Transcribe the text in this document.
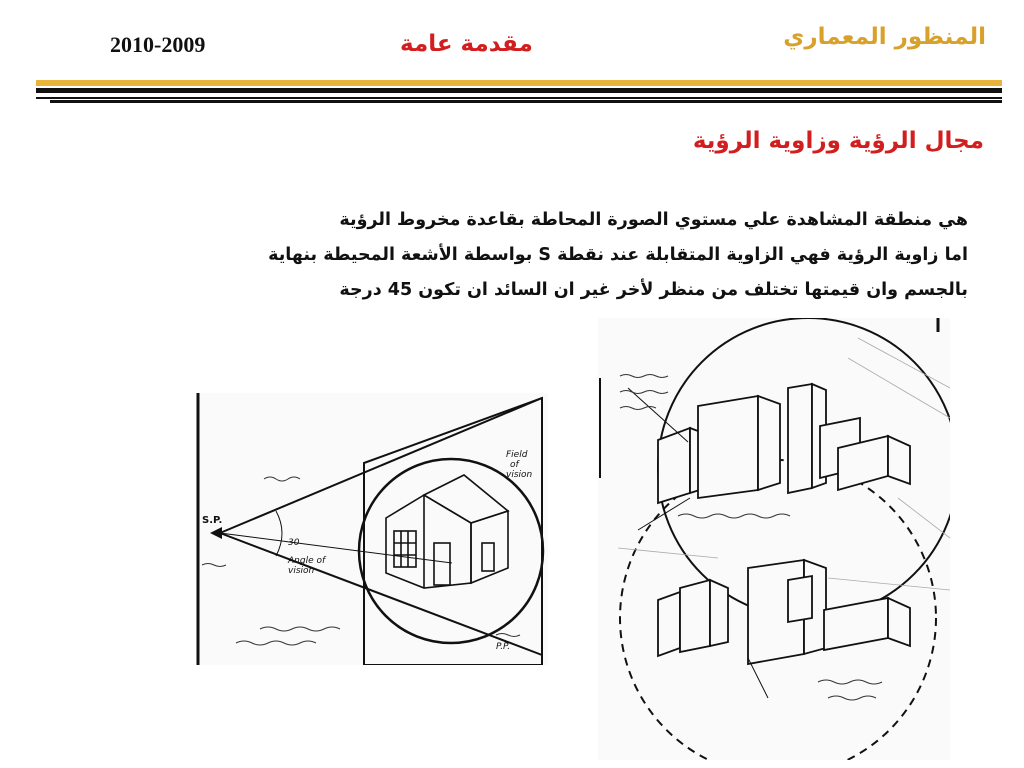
2010-2009	مقدمة عامة	المنظور المعماري
مجال الرؤية وزاوية الرؤية

هي منطقة المشاهدة علي مستوي الصورة المحاطة بقاعدة مخروط الرؤية

اما زاوية الرؤية فهي الزاوية المتقابلة عند نقطة S بواسطة الأشعة المحيطة بنهاية

بالجسم وان قيمتها تختلف من منظر لأخر غير ان السائد ان تكون 45 درجة

S.P.
Field
of
vision
30
Angle of
vision
P.P.
